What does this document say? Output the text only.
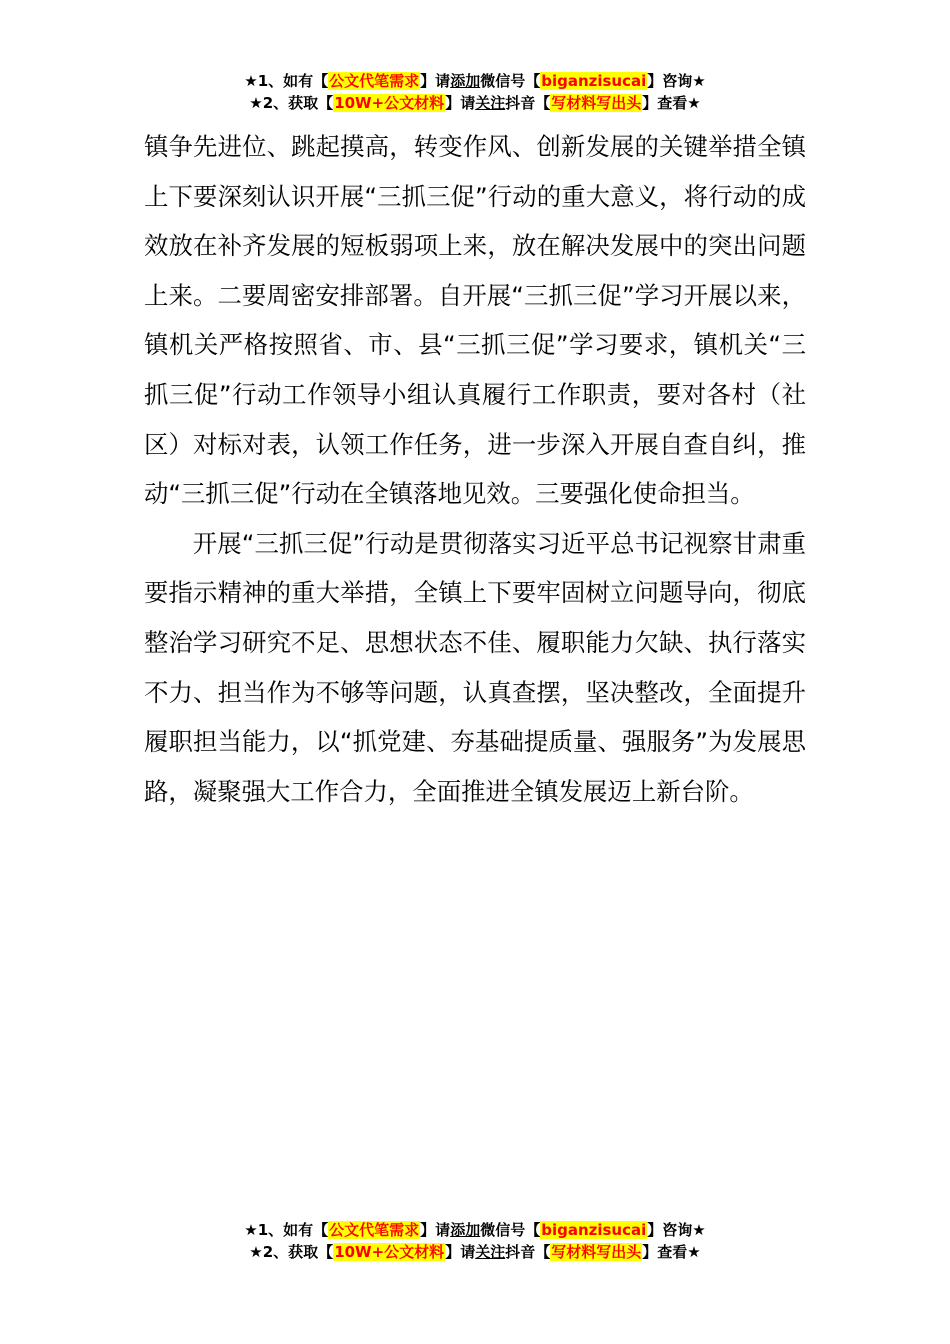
★1、如有【公文代笔需求】请添加微信号【biganzisucai】咨询★
★2、获取【10W+公文材料】请关注抖音【写材料写出头】查看★

镇争先进位、跳起摸高，转变作风、创新发展的关键举措全镇上下要深刻认识开展“三抓三促”行动的重大意义，将行动的成效放在补齐发展的短板弱项上来，放在解决发展中的突出问题上来。二要周密安排部署。自开展“三抓三促”学习开展以来，镇机关严格按照省、市、县“三抓三促”学习要求，镇机关“三抓三促”行动工作领导小组认真履行工作职责，要对各村（社区）对标对表，认领工作任务，进一步深入开展自查自纠，推动“三抓三促”行动在全镇落地见效。三要强化使命担当。

开展“三抓三促”行动是贯彻落实习近平总书记视察甘肃重要指示精神的重大举措，全镇上下要牢固树立问题导向，彻底整治学习研究不足、思想状态不佳、履职能力欠缺、执行落实不力、担当作为不够等问题，认真查摆，坚决整改，全面提升履职担当能力，以“抓党建、夯基础提质量、强服务”为发展思路，凝聚强大工作合力，全面推进全镇发展迈上新台阶。

★1、如有【公文代笔需求】请添加微信号【biganzisucai】咨询★
★2、获取【10W+公文材料】请关注抖音【写材料写出头】查看★
